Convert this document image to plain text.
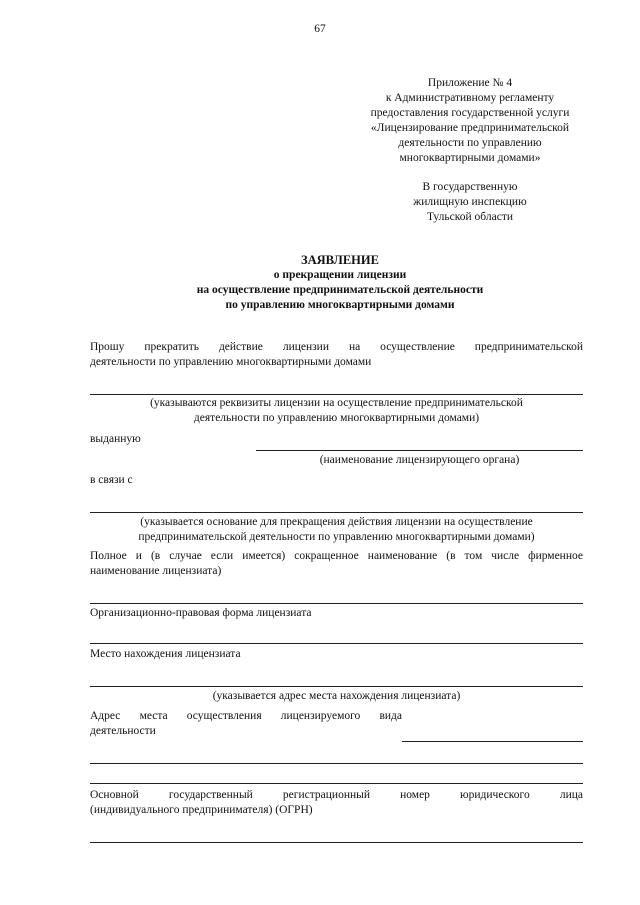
67
Приложение № 4
к Административному регламенту
предоставления государственной услуги
«Лицензирование предпринимательской
деятельности по управлению
многоквартирными домами»
В государственную
жилищную инспекцию
Тульской области
ЗАЯВЛЕНИЕ
о прекращении лицензии
на осуществление предпринимательской деятельности
по управлению многоквартирными домами
Прошу прекратить действие лицензии на осуществление предпринимательской
деятельности по управлению многоквартирными домами
(указываются реквизиты лицензии на осуществление предпринимательской
деятельности по управлению многоквартирными домами)
выданную
(наименование лицензирующего органа)
в связи с
(указывается основание для прекращения действия лицензии на осуществление
предпринимательской деятельности по управлению многоквартирными домами)
Полное и (в случае если имеется) сокращенное наименование (в том числе фирменное
наименование лицензиата)
Организационно-правовая форма лицензиата
Место нахождения лицензиата
(указывается адрес места нахождения лицензиата)
Адрес места осуществления лицензируемого вида
деятельности
Основной государственный регистрационный номер юридического лица
(индивидуального предпринимателя) (ОГРН)
